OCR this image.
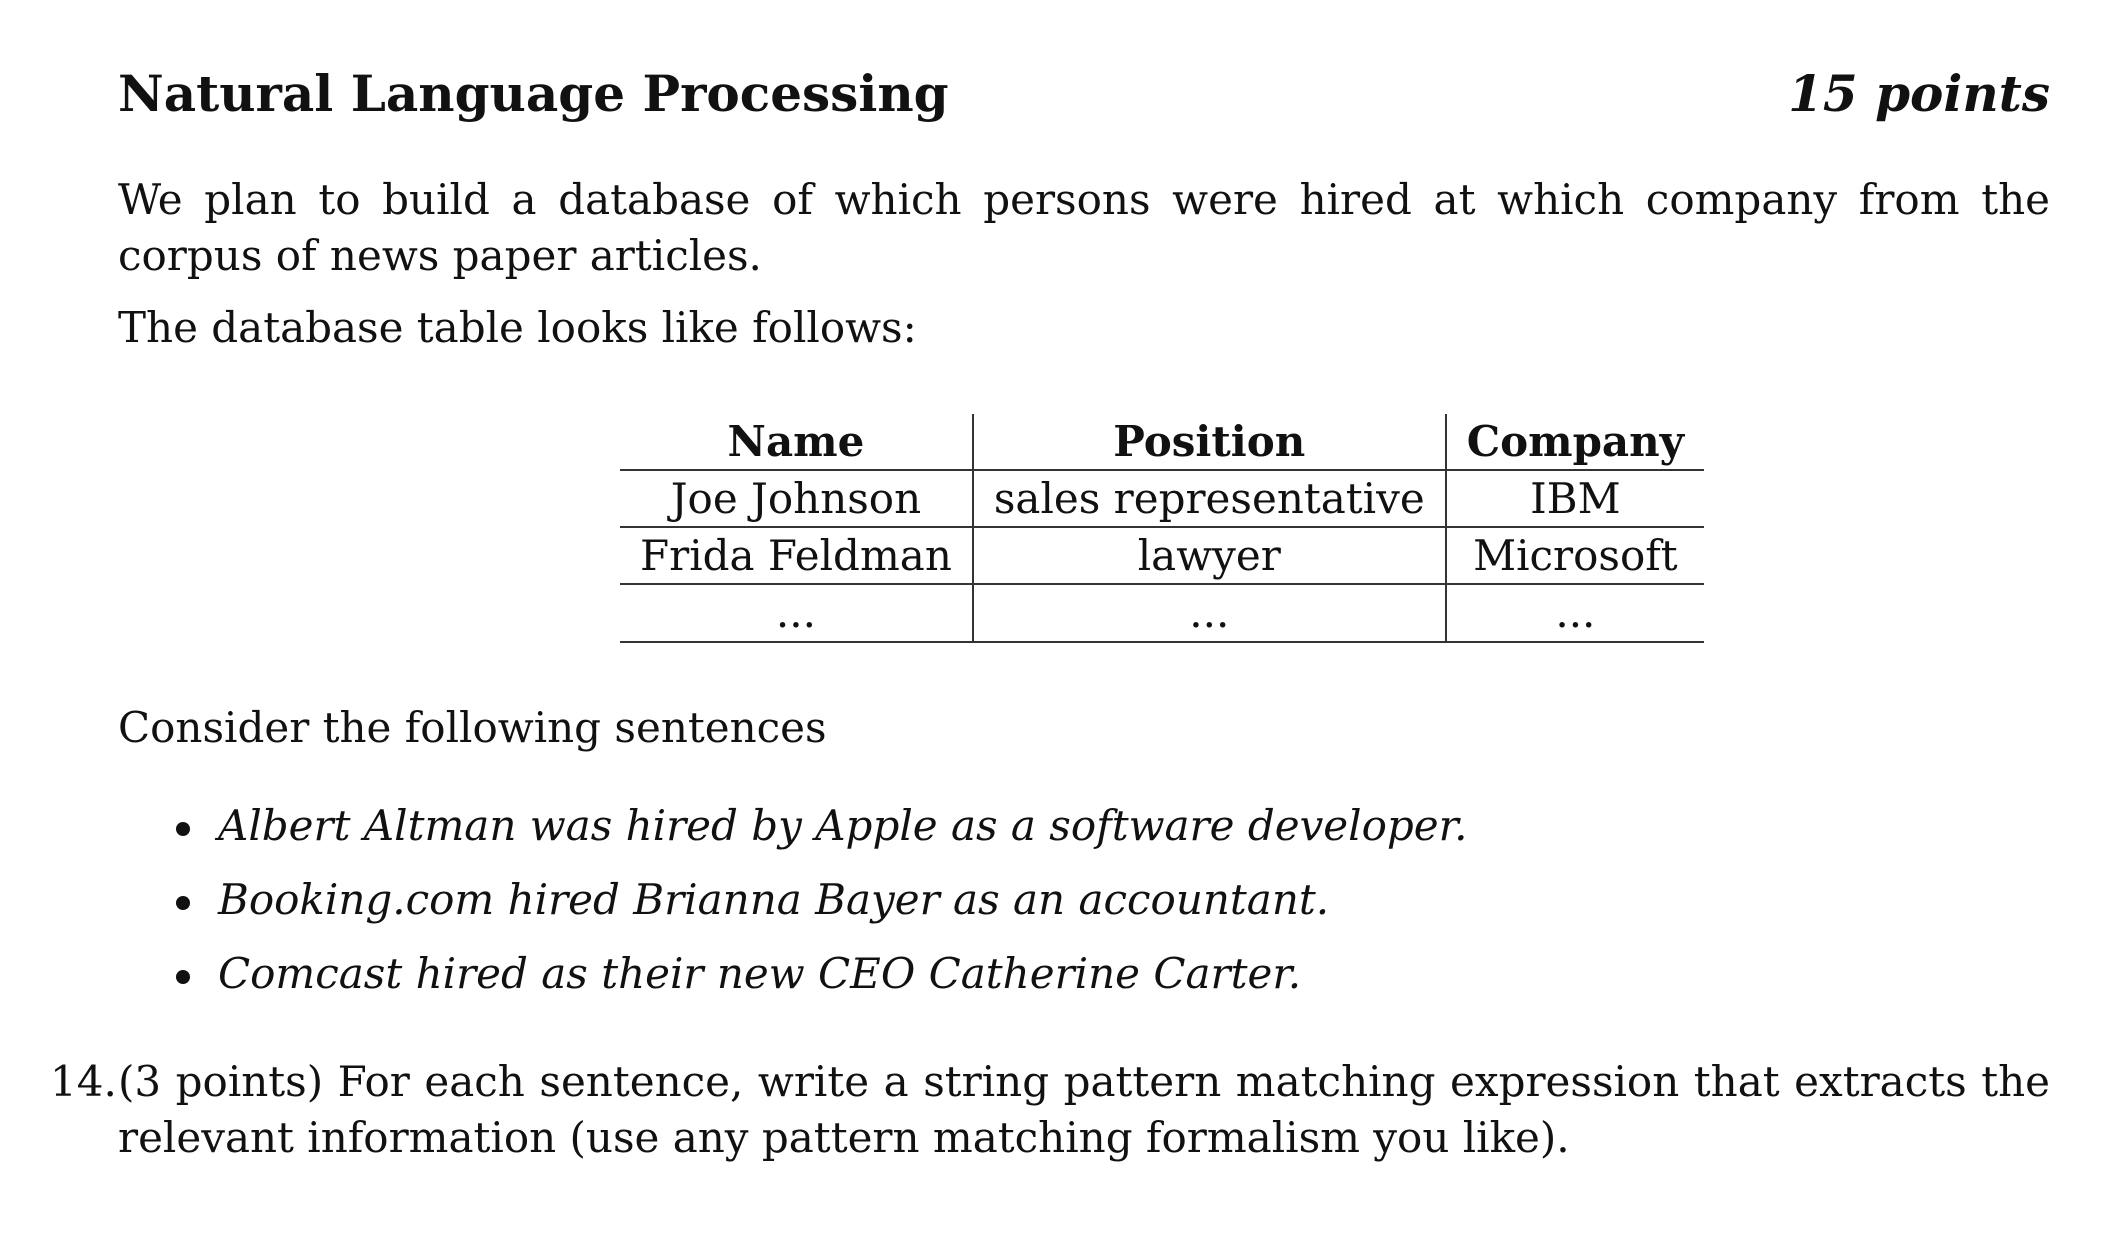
Natural Language Processing	15 points
We plan to build a database of which persons were hired at which company from the corpus of news paper articles.
The database table looks like follows:
Name	Position	Company
Joe Johnson	sales representative	IBM
Frida Feldman	lawyer	Microsoft
...	...	...
Consider the following sentences
Albert Altman was hired by Apple as a software developer.
Booking.com hired Brianna Bayer as an accountant.
Comcast hired as their new CEO Catherine Carter.
14. (3 points) For each sentence, write a string pattern matching expression that extracts the relevant information (use any pattern matching formalism you like).
